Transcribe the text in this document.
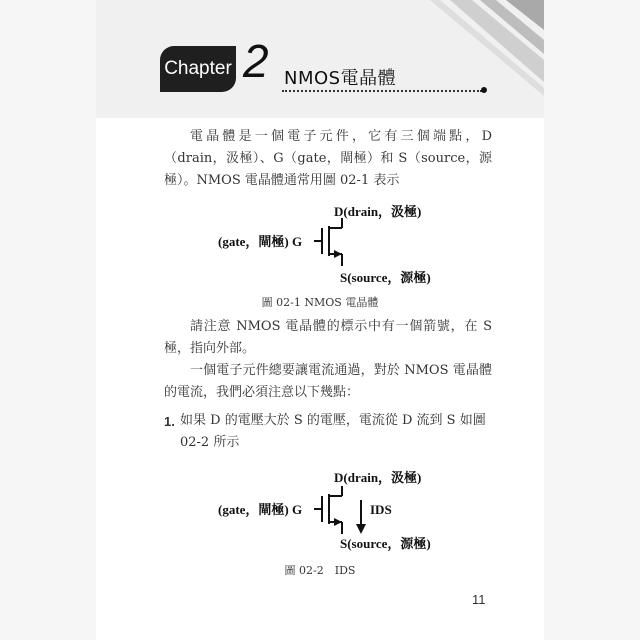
Chapter 2 NMOS電晶體
電晶體是一個電子元件，它有三個端點，D（drain，汲極）、G（gate，閘極）和 S（source，源極）。NMOS 電晶體通常用圖 02-1 表示
D(drain，汲極)
(gate，閘極) G
S(source，源極)
圖 02-1 NMOS 電晶體
請注意 NMOS 電晶體的標示中有一個箭號，在 S 極，指向外部。
一個電子元件總要讓電流通過，對於 NMOS 電晶體的電流，我們必須注意以下幾點：
1. 如果 D 的電壓大於 S 的電壓，電流從 D 流到 S 如圖 02-2 所示
D(drain，汲極)
(gate，閘極) G
S(source，源極)
IDS
圖 02-2　IDS
11
